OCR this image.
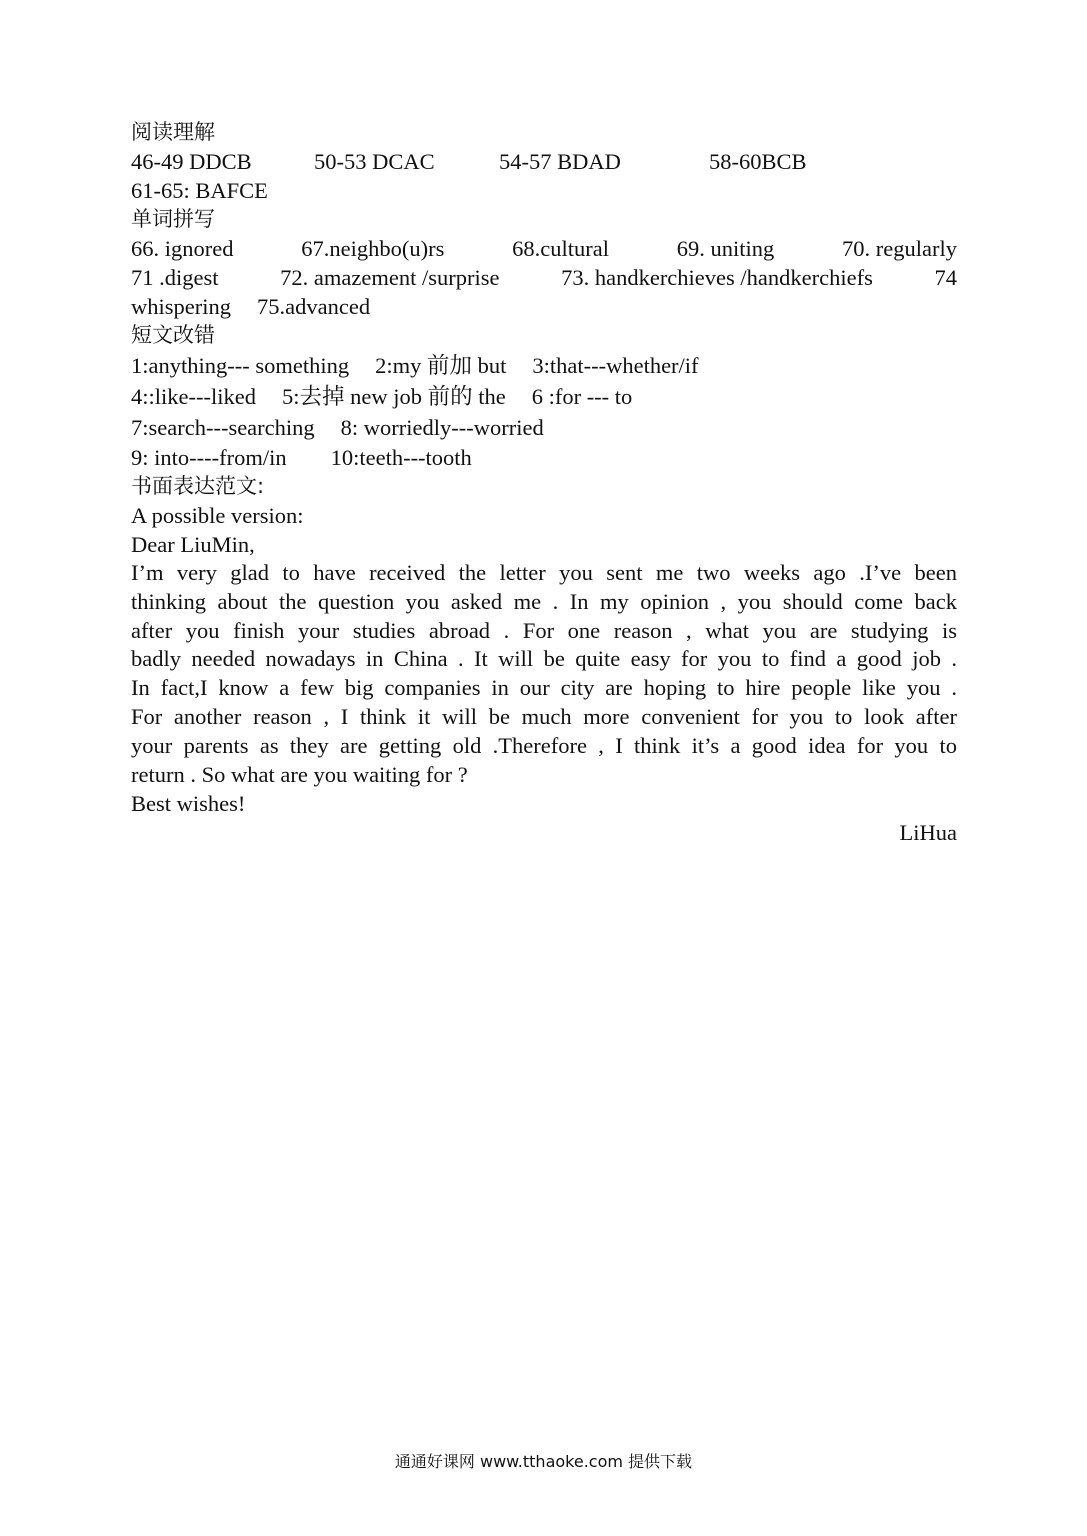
阅读理解
46-49 DDCB	50-53 DCAC	54-57 BDAD	58-60BCB
61-65: BAFCE
单词拼写
66. ignored	67.neighbo(u)rs	68.cultural	69. uniting	70. regularly
71 .digest	72. amazement /surprise	73. handkerchieves /handkerchiefs	74
whispering 75.advanced
短文改错
1:anything--- something 2:my 前加 but 3:that---whether/if
4::like---liked 5:去掉 new job 前的 the 6 :for --- to
7:search---searching 8: worriedly---worried
9: into----from/in 10:teeth---tooth
书面表达范文:
A possible version:
Dear LiuMin,

I’m very glad to have received the letter you sent me two weeks ago .I’ve been

thinking about the question you asked me . In my opinion , you should come back

after you finish your studies abroad . For one reason , what you are studying is

badly needed nowadays in China . It will be quite easy for you to find a good job .

In fact,I know a few big companies in our city are hoping to hire people like you .

For another reason , I think it will be much more convenient for you to look after

your parents as they are getting old .Therefore , I think it’s a good idea for you to

return . So what are you waiting for ?

Best wishes!
LiHua
通通好课网 www.tthaoke.com 提供下载
